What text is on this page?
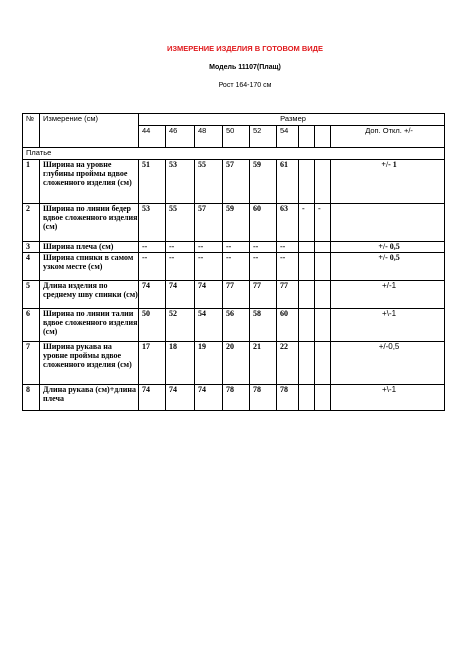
ИЗМЕРЕНИЕ ИЗДЕЛИЯ В ГОТОВОМ ВИДЕ
Модель 11107(Плащ)
Рост 164-170 см
№	Измерение (см)	Размер								
		44	46	48	50	52	54			Доп. Откл. +/-
Платье										
1	Ширина на уровне глубины проймы вдвое сложенного изделия (см)	51	53	55	57	59	61			+/- 1
2	Ширина по линии бедер вдвое сложенного изделия (см)	53	55	57	59	60	63	-	-	
3	Ширина плеча (см)	--	--	--	--	--	--			+/- 0,5
4	Ширина спинки в самом узком месте (см)	--	--	--	--	--	--			+/- 0,5
5	Длина изделия по среднему шву спинки (см)	74	74	74	77	77	77			+/-1
6	Ширина по линии талии вдвое сложенного изделия (см)	50	52	54	56	58	60			+\-1
7	Ширина рукава на уровне проймы вдвое сложенного изделия (см)	17	18	19	20	21	22			+/-0,5
8	Длина рукава (см)+длина плеча	74	74	74	78	78	78			+\-1
